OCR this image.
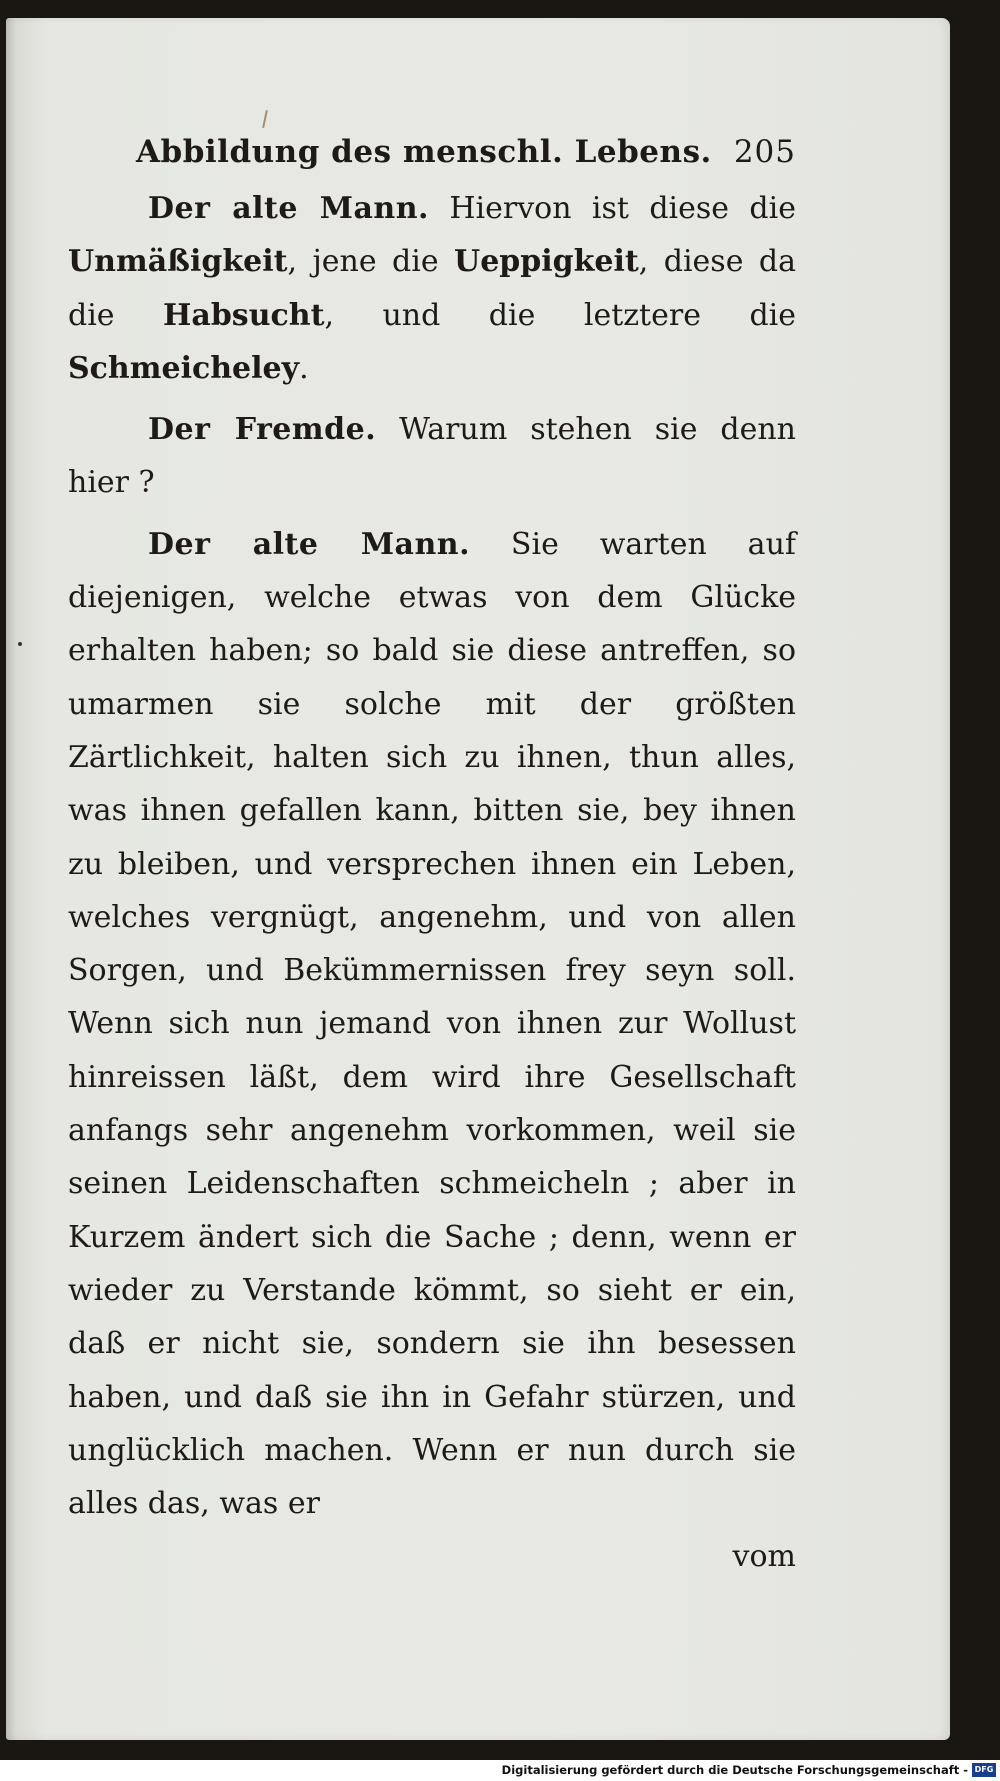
Abbildung des menschl. Lebens. 205

Der alte Mann. Hiervon ist diese die Unmäßigkeit, jene die Ueppigkeit, diese da die Habsucht, und die letztere die Schmeicheley.

Der Fremde. Warum stehen sie denn hier ?

Der alte Mann. Sie warten auf diejenigen, welche etwas von dem Glücke erhalten haben; so bald sie diese antreffen, so umarmen sie solche mit der größten Zärtlichkeit, halten sich zu ihnen, thun alles, was ihnen gefallen kann, bitten sie, bey ihnen zu bleiben, und versprechen ihnen ein Leben, welches vergnügt, angenehm, und von allen Sorgen, und Bekümmernissen frey seyn soll. Wenn sich nun jemand von ihnen zur Wollust hinreissen läßt, dem wird ihre Gesellschaft anfangs sehr angenehm vorkommen, weil sie seinen Leidenschaften schmeicheln ; aber in Kurzem ändert sich die Sache ; denn, wenn er wieder zu Verstande kömmt, so sieht er ein, daß er nicht sie, sondern sie ihn besessen haben, und daß sie ihn in Gefahr stürzen, und unglücklich machen. Wenn er nun durch sie alles das, was er

vom
Digitalisierung gefördert durch die Deutsche Forschungsgemeinschaft - DFG
